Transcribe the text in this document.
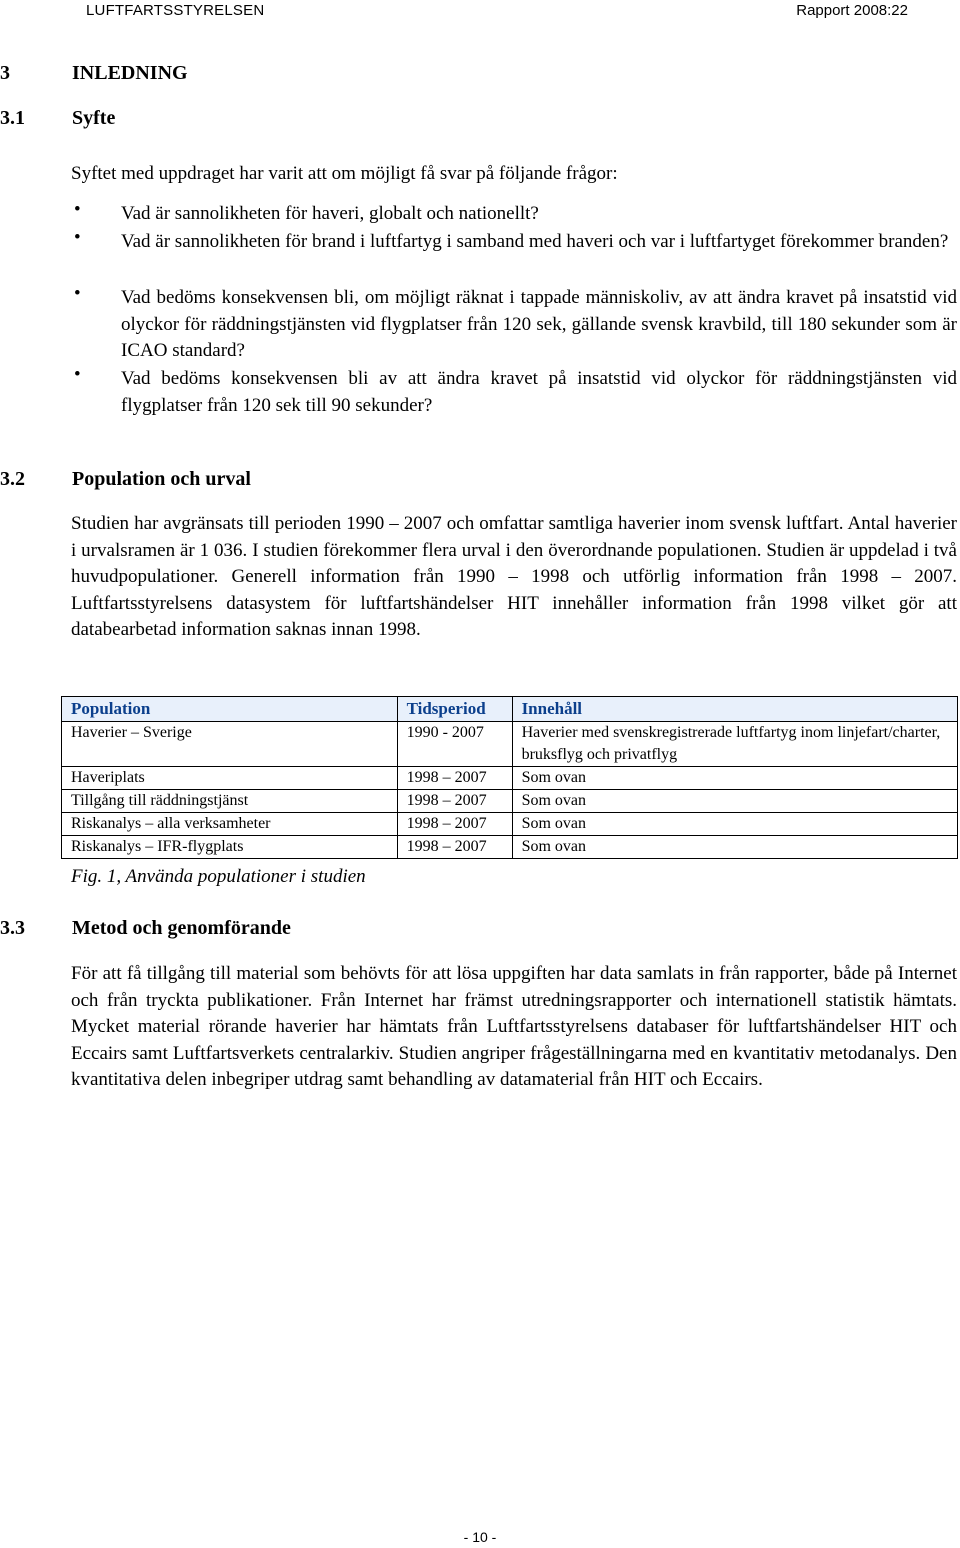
LUFTFARTSSTYRELSEN	Rapport 2008:22
3	INLEDNING
3.1 Syfte
Syftet med uppdraget har varit att om möjligt få svar på följande frågor:
• Vad är sannolikheten för haveri, globalt och nationellt?
• Vad är sannolikheten för brand i luftfartyg i samband med haveri och var i luftfartyget förekommer branden?
• Vad bedöms konsekvensen bli, om möjligt räknat i tappade människoliv, av att ändra kravet på insatstid vid olyckor för räddningstjänsten vid flygplatser från 120 sek, gällande svensk kravbild, till 180 sekunder som är ICAO standard?
• Vad bedöms konsekvensen bli av att ändra kravet på insatstid vid olyckor för räddningstjänsten vid flygplatser från 120 sek till 90 sekunder?
3.2 Population och urval
Studien har avgränsats till perioden 1990 – 2007 och omfattar samtliga haverier inom svensk luftfart. Antal haverier i urvalsramen är 1 036. I studien förekommer flera urval i den överordnande populationen. Studien är uppdelad i två huvudpopulationer. Generell information från 1990 – 1998 och utförlig information från 1998 – 2007. Luftfartsstyrelsens datasystem för luftfartshändelser HIT innehåller information från 1998 vilket gör att databearbetad information saknas innan 1998.
Population	Tidsperiod	Innehåll
Haverier – Sverige	1990 - 2007	Haverier med svenskregistrerade luftfartyg inom linjefart/charter, bruksflyg och privatflyg
Haveriplats	1998 – 2007	Som ovan
Tillgång till räddningstjänst	1998 – 2007	Som ovan
Riskanalys – alla verksamheter	1998 – 2007	Som ovan
Riskanalys – IFR-flygplats	1998 – 2007	Som ovan
Fig. 1, Använda populationer i studien
3.3 Metod och genomförande
För att få tillgång till material som behövts för att lösa uppgiften har data samlats in från rapporter, både på Internet och från tryckta publikationer. Från Internet har främst utredningsrapporter och internationell statistik hämtats. Mycket material rörande haverier har hämtats från Luftfartsstyrelsens databaser för luftfartshändelser HIT och Eccairs samt Luftfartsverkets centralarkiv. Studien angriper frågeställningarna med en kvantitativ metodanalys. Den kvantitativa delen inbegriper utdrag samt behandling av datamaterial från HIT och Eccairs.
- 10 -
